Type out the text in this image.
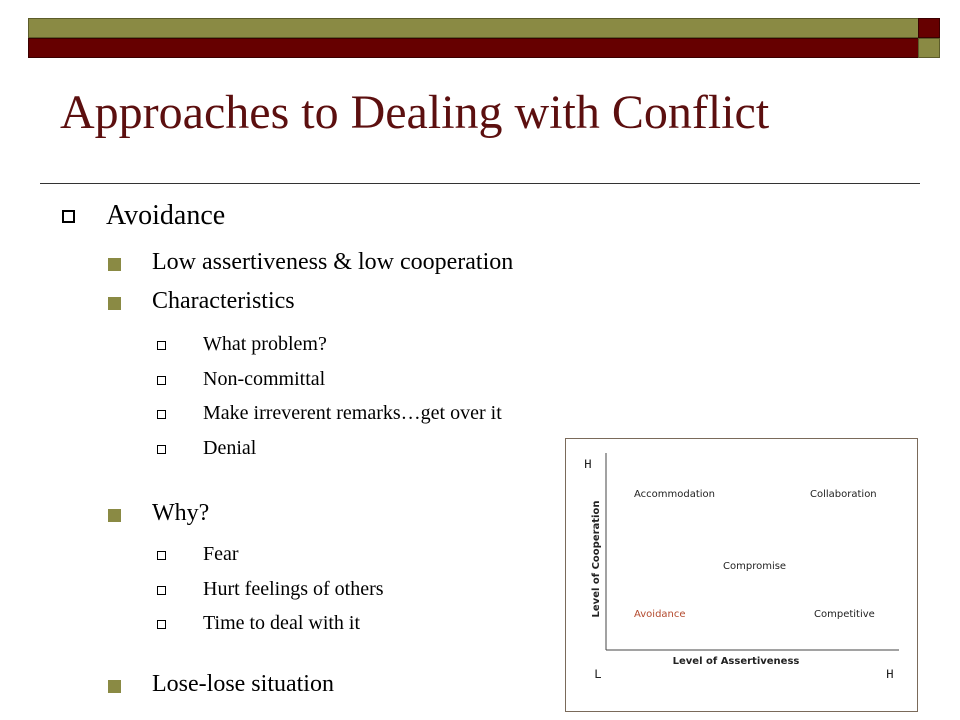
Approaches to Dealing with Conflict
Avoidance
Low assertiveness & low cooperation
Characteristics
What problem?
Non-committal
Make irreverent remarks…get over it
Denial
Why?
Fear
Hurt feelings of others
Time to deal with it
Lose-lose situation
H
L	H
Level of Cooperation
Level of Assertiveness
Accommodation	Collaboration
Compromise
Avoidance	Competitive
